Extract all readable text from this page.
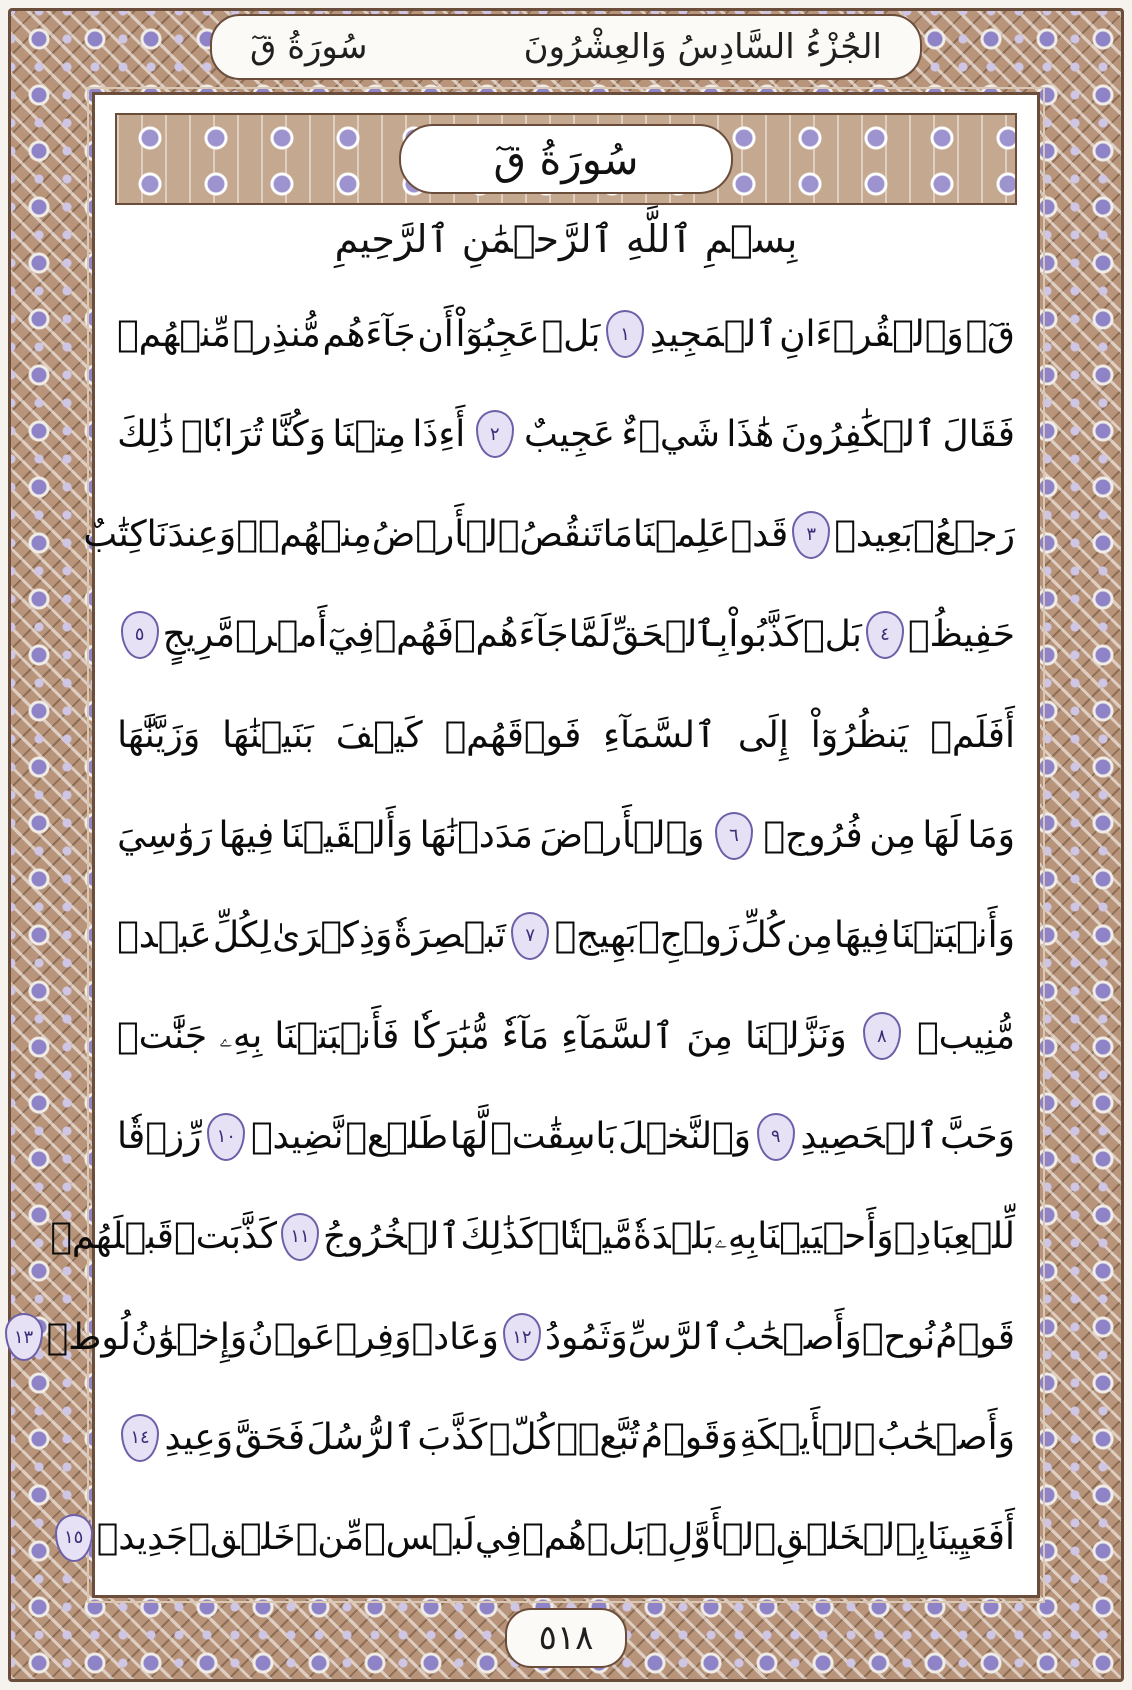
الجُزْءُ السَّادِسُ وَالعِشْرُونَ
سُورَةُ قٓ
سُورَةُ قٓ
بِسۡمِ ٱللَّهِ ٱلرَّحۡمَٰنِ ٱلرَّحِيمِ
قٓۚ
وَٱلۡقُرۡءَانِ
ٱلۡمَجِيدِ
١
بَلۡ
عَجِبُوٓاْ
أَن
جَآءَهُم
مُّنذِرٞ
مِّنۡهُمۡ
فَقَالَ
ٱلۡكَٰفِرُونَ
هَٰذَا
شَيۡءٌ
عَجِيبٌ
٢
أَءِذَا
مِتۡنَا
وَكُنَّا
تُرَابٗاۖ
ذَٰلِكَ
رَجۡعُۢ
بَعِيدٞ
٣
قَدۡ
عَلِمۡنَا
مَا
تَنقُصُ
ٱلۡأَرۡضُ
مِنۡهُمۡۖ
وَعِندَنَا
كِتَٰبٌ
حَفِيظُۢ
٤
بَلۡ
كَذَّبُواْ
بِٱلۡحَقِّ
لَمَّا
جَآءَهُمۡ
فَهُمۡ
فِيٓ
أَمۡرٖ
مَّرِيجٍ
٥
أَفَلَمۡ
يَنظُرُوٓاْ
إِلَى
ٱلسَّمَآءِ
فَوۡقَهُمۡ
كَيۡفَ
بَنَيۡنَٰهَا
وَزَيَّنَّٰهَا
وَمَا
لَهَا
مِن
فُرُوجٖ
٦
وَٱلۡأَرۡضَ
مَدَدۡنَٰهَا
وَأَلۡقَيۡنَا
فِيهَا
رَوَٰسِيَ
وَأَنۢبَتۡنَا
فِيهَا
مِن
كُلِّ
زَوۡجِۭ
بَهِيجٖ
٧
تَبۡصِرَةٗ
وَذِكۡرَىٰ
لِكُلِّ
عَبۡدٖ
مُّنِيبٖ
٨
وَنَزَّلۡنَا
مِنَ
ٱلسَّمَآءِ
مَآءٗ
مُّبَٰرَكٗا
فَأَنۢبَتۡنَا
بِهِۦ
جَنَّٰتٖ
وَحَبَّ
ٱلۡحَصِيدِ
٩
وَٱلنَّخۡلَ
بَاسِقَٰتٖ
لَّهَا
طَلۡعٞ
نَّضِيدٞ
١٠
رِّزۡقٗا
لِّلۡعِبَادِۖ
وَأَحۡيَيۡنَا
بِهِۦ
بَلۡدَةٗ
مَّيۡتٗاۚ
كَذَٰلِكَ
ٱلۡخُرُوجُ
١١
كَذَّبَتۡ
قَبۡلَهُمۡ
قَوۡمُ
نُوحٖ
وَأَصۡحَٰبُ
ٱلرَّسِّ
وَثَمُودُ
١٢
وَعَادٞ
وَفِرۡعَوۡنُ
وَإِخۡوَٰنُ
لُوطٖ
١٣
وَأَصۡحَٰبُ
ٱلۡأَيۡكَةِ
وَقَوۡمُ
تُبَّعٖۚ
كُلّٞ
كَذَّبَ
ٱلرُّسُلَ
فَحَقَّ
وَعِيدِ
١٤
أَفَعَيِينَا
بِٱلۡخَلۡقِ
ٱلۡأَوَّلِۚ
بَلۡ
هُمۡ
فِي
لَبۡسٖ
مِّنۡ
خَلۡقٖ
جَدِيدٖ
١٥
٥١٨
